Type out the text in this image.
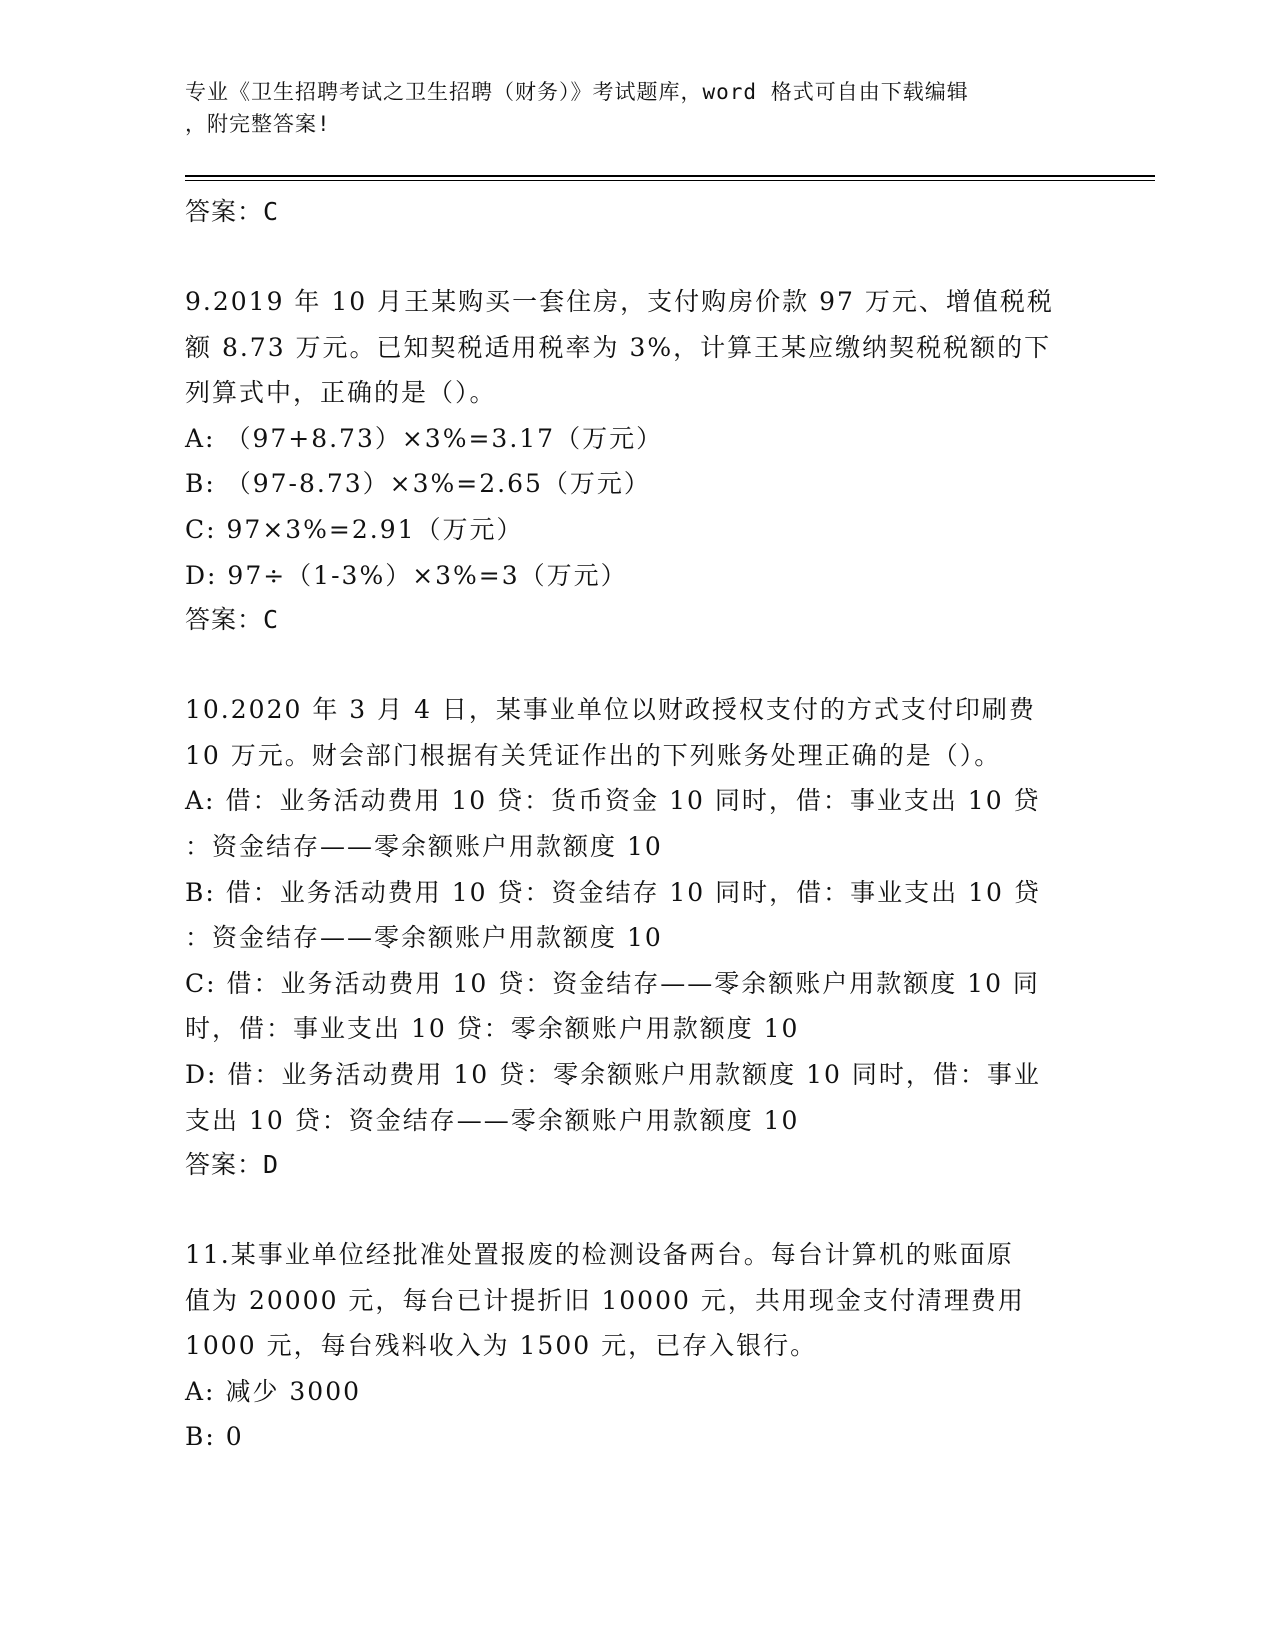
专业《卫生招聘考试之卫生招聘（财务）》考试题库，word 格式可自由下载编辑
，附完整答案!
答案：C
9.2019 年 10 月王某购买一套住房，支付购房价款 97 万元、增值税税
额 8.73 万元。已知契税适用税率为 3%，计算王某应缴纳契税税额的下
列算式中，正确的是（）。
A: （97+8.73）×3%=3.17（万元）
B: （97-8.73）×3%=2.65（万元）
C: 97×3%=2.91（万元）
D: 97÷（1-3%）×3%=3（万元）
答案：C
10.2020 年 3 月 4 日，某事业单位以财政授权支付的方式支付印刷费
10 万元。财会部门根据有关凭证作出的下列账务处理正确的是（）。
A: 借：业务活动费用 10 贷：货币资金 10 同时，借：事业支出 10 贷
：资金结存——零余额账户用款额度 10
B: 借：业务活动费用 10 贷：资金结存 10 同时，借：事业支出 10 贷
：资金结存——零余额账户用款额度 10
C: 借：业务活动费用 10 贷：资金结存——零余额账户用款额度 10 同
时，借：事业支出 10 贷：零余额账户用款额度 10
D: 借：业务活动费用 10 贷：零余额账户用款额度 10 同时，借：事业
支出 10 贷：资金结存——零余额账户用款额度 10
答案：D
11.某事业单位经批准处置报废的检测设备两台。每台计算机的账面原
值为 20000 元，每台已计提折旧 10000 元，共用现金支付清理费用
1000 元，每台残料收入为 1500 元，已存入银行。
A: 减少 3000
B: 0
